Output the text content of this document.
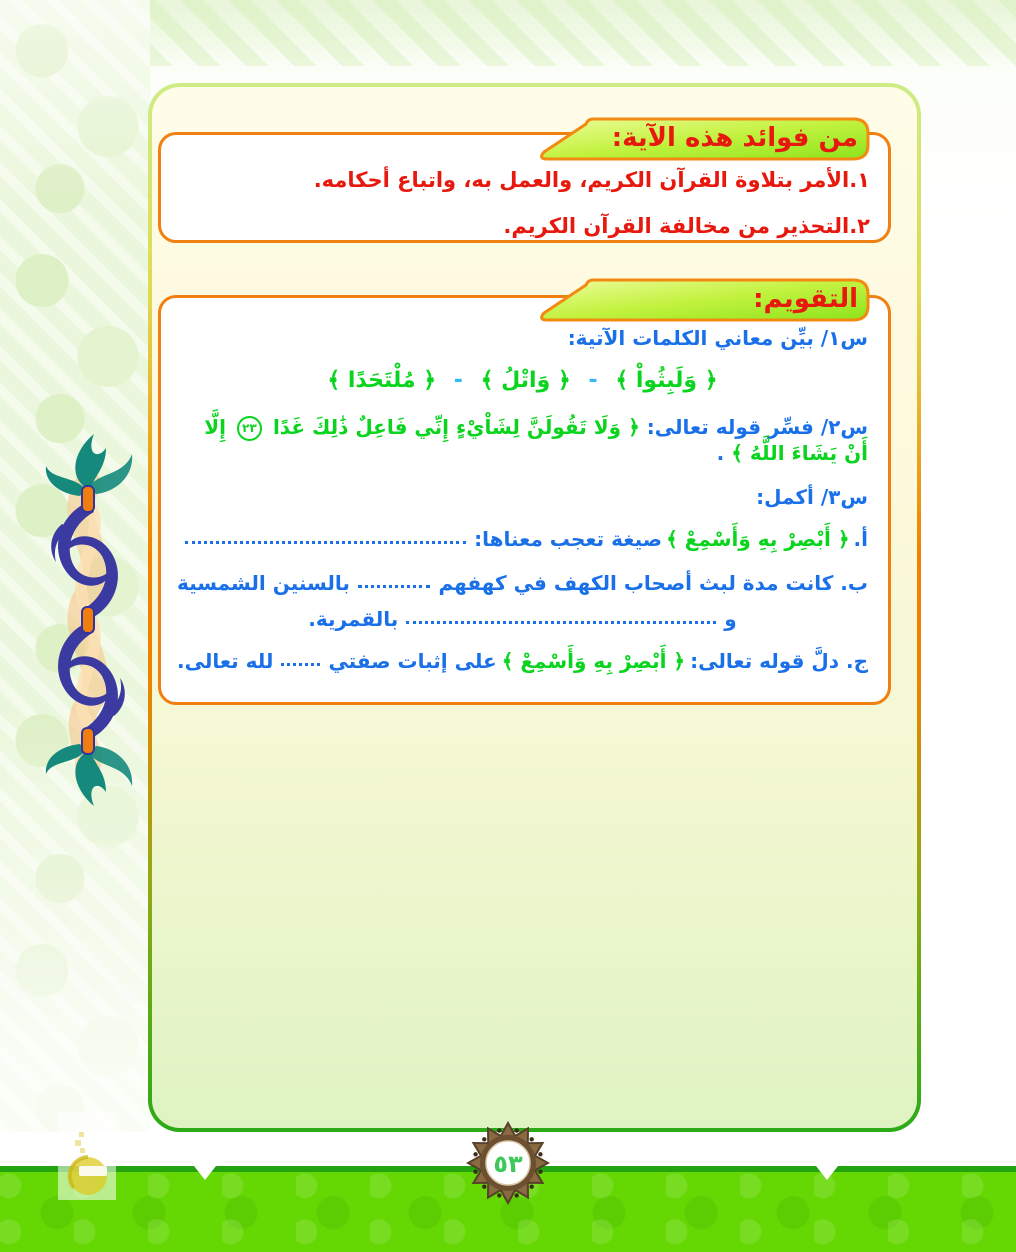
من فوائد هذه الآية:
١.الأمر بتلاوة القرآن الكريم، والعمل به، واتباع أحكامه.
٢.التحذير من مخالفة القرآن الكريم.
التقويم:
س١/ بيِّن معاني الكلمات الآتية:
﴿ وَلَبِثُواْ ﴾ - ﴿ وَاتْلُ ﴾ - ﴿ مُلْتَحَدًا ﴾
س٢/ فسِّر قوله تعالى: ﴿ وَلَا تَقُولَنَّ لِشَاْيْءٍ إِنِّي فَاعِلٌ ذَٰلِكَ غَدًا ٢٣ إِلَّا أَنْ يَشَاءَ اللَّهُ ﴾ .
س٣/ أكمل:
أ.
﴿ أَبْصِرْ بِهِ وَأَسْمِعْ ﴾
صيغة تعجب معناها:
ب. كانت مدة لبث أصحاب الكهف في كهفهم
بالسنين الشمسية
و
بالقمرية.
ج. دلَّ قوله تعالى:
﴿ أَبْصِرْ بِهِ وَأَسْمِعْ ﴾
على إثبات صفتي
لله تعالى.
٥٣
